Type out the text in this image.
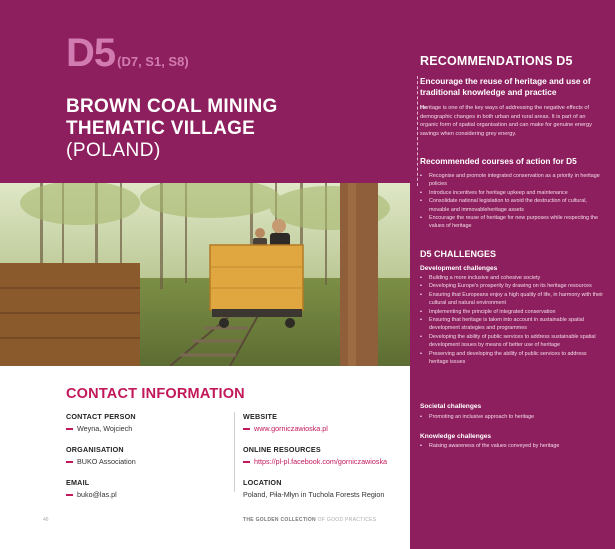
D5 (D7, S1, S8)
BROWN COAL MINING
THEMATIC VILLAGE
(POLAND)
CONTACT INFORMATION
CONTACT PERSON
Weyna, Wojciech
ORGANISATION
BUKO Association
EMAIL
buko@las.pl
WEBSITE
www.gorniczawioska.pl
ONLINE RESOURCES
https://pl-pl.facebook.com/gorniczawioska
LOCATION
Poland, Piła-Młyn in Tuchola Forests Region
46	THE GOLDEN COLLECTION OF GOOD PRACTICES
RECOMMENDATIONS D5
Encourage the reuse of heritage and use of traditional knowledge and practice
Heritage is one of the key ways of addressing the negative effects of demographic changes in both urban and rural areas. It is part of an organic form of spatial organisation and can make for genuine energy savings when considering grey energy.
Recommended courses of action for D5
• Recognise and promote integrated conservation as a priority in heritage policies
• Introduce incentives for heritage upkeep and maintenance
• Consolidate national legislation to avoid the destruction of cultural, movable and immovableheritage assets
• Encourage the reuse of heritage for new purposes while respecting the values of heritage
D5 CHALLENGES
Development challenges
• Building a more inclusive and cohesive society
• Developing Europe's prosperity by drawing on its heritage resources
• Ensuring that Europeans enjoy a high quality of life, in harmony with their cultural and natural environment
• Implementing the principle of integrated conservation
• Ensuring that heritage is taken into account in sustainable spatial development strategies and programmes
• Developing the ability of public services to address sustainable spatial development issues by means of better use of heritage
• Preserving and developing the ability of public services to address heritage issues
Societal challenges
• Promoting an inclusive approach to heritage
Knowledge challenges
• Raising awareness of the values conveyed by heritage
